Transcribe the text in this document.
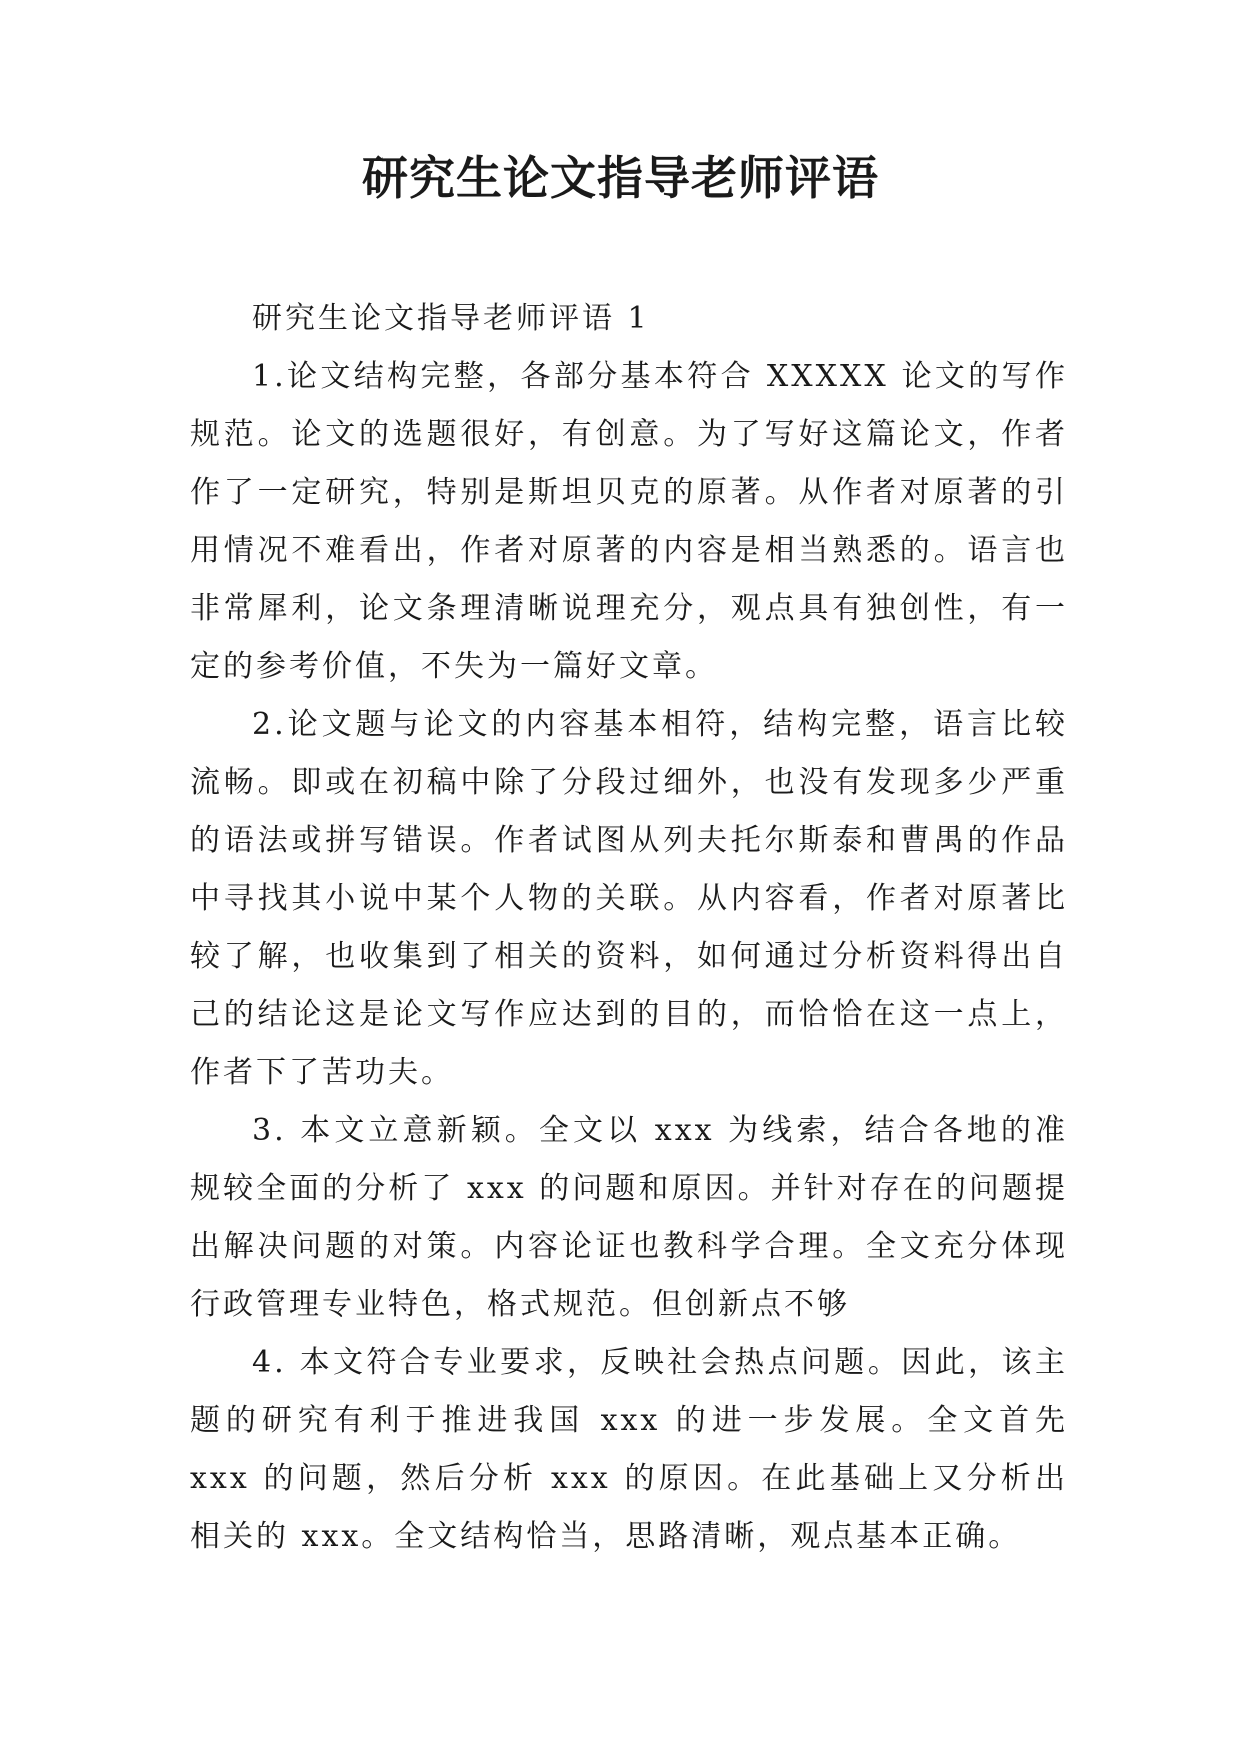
研究生论文指导老师评语

研究生论文指导老师评语 1

1.论文结构完整，各部分基本符合 XXXXX 论文的写作规范。论文的选题很好，有创意。为了写好这篇论文，作者作了一定研究，特别是斯坦贝克的原著。从作者对原著的引用情况不难看出，作者对原著的内容是相当熟悉的。语言也非常犀利，论文条理清晰说理充分，观点具有独创性，有一定的参考价值，不失为一篇好文章。

2.论文题与论文的内容基本相符，结构完整，语言比较流畅。即或在初稿中除了分段过细外，也没有发现多少严重的语法或拼写错误。作者试图从列夫托尔斯泰和曹禺的作品中寻找其小说中某个人物的关联。从内容看，作者对原著比较了解，也收集到了相关的资料，如何通过分析资料得出自己的结论这是论文写作应达到的目的，而恰恰在这一点上，作者下了苦功夫。

3. 本文立意新颖。全文以 xxx 为线索，结合各地的准规较全面的分析了 xxx 的问题和原因。并针对存在的问题提出解决问题的对策。内容论证也教科学合理。全文充分体现行政管理专业特色，格式规范。但创新点不够

4. 本文符合专业要求，反映社会热点问题。因此，该主题的研究有利于推进我国 xxx 的进一步发展。全文首先 xxx 的问题，然后分析 xxx 的原因。在此基础上又分析出相关的 xxx。全文结构恰当，思路清晰，观点基本正确。
